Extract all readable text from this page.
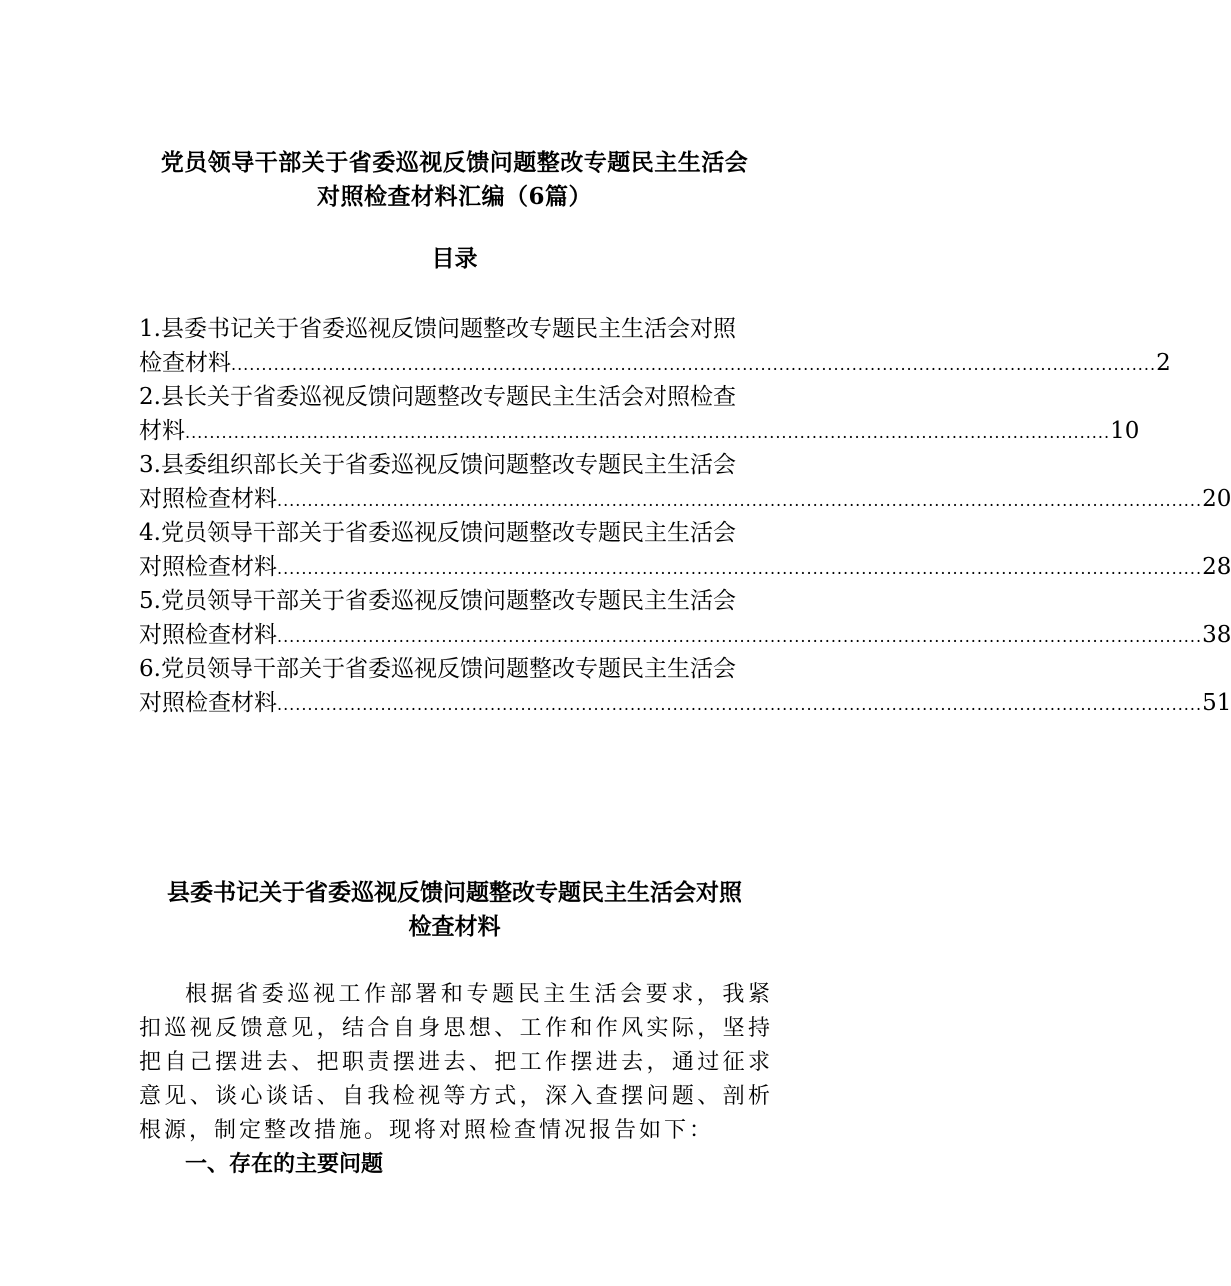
党员领导干部关于省委巡视反馈问题整改专题民主生活会
对照检查材料汇编（6篇）
目录
1.县委书记关于省委巡视反馈问题整改专题民主生活会对照
检查材料 ........................................................................................................................................................ 2
2.县长关于省委巡视反馈问题整改专题民主生活会对照检查
材料 ........................................................................................................................................................ 10
3.县委组织部长关于省委巡视反馈问题整改专题民主生活会
对照检查材料 ........................................................................................................................................................ 20
4.党员领导干部关于省委巡视反馈问题整改专题民主生活会
对照检查材料 ........................................................................................................................................................ 28
5.党员领导干部关于省委巡视反馈问题整改专题民主生活会
对照检查材料 ........................................................................................................................................................ 38
6.党员领导干部关于省委巡视反馈问题整改专题民主生活会
对照检查材料 ........................................................................................................................................................ 51
县委书记关于省委巡视反馈问题整改专题民主生活会对照
检查材料
根据省委巡视工作部署和专题民主生活会要求，我紧
扣巡视反馈意见，结合自身思想、工作和作风实际，坚持
把自己摆进去、把职责摆进去、把工作摆进去，通过征求
意见、谈心谈话、自我检视等方式，深入查摆问题、剖析
根源，制定整改措施。现将对照检查情况报告如下：
一、存在的主要问题
